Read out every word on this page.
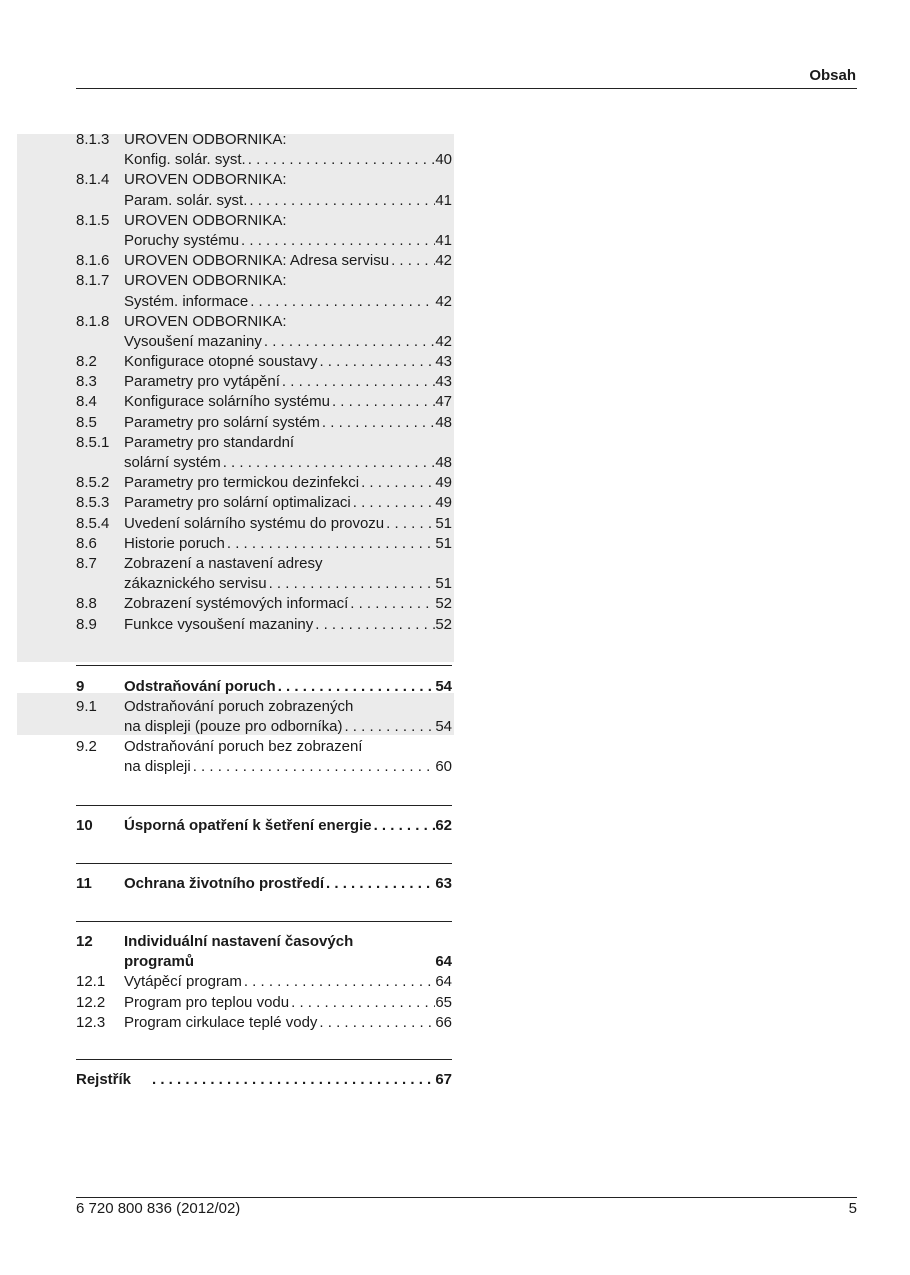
Obsah
8.1.3 UROVEN ODBORNIKA:
Konfig. solár. syst. . . .	40
8.1.4 UROVEN ODBORNIKA:
Param. solár. syst. . . .	41
8.1.5 UROVEN ODBORNIKA:
Poruchy systému . . .	41
8.1.6 UROVEN ODBORNIKA: Adresa servisu . . .	42
8.1.7 UROVEN ODBORNIKA:
Systém. informace . . .	42
8.1.8 UROVEN ODBORNIKA:
Vysoušení mazaniny . . .	42
8.2 Konfigurace otopné soustavy . . .	43
8.3 Parametry pro vytápění . . .	43
8.4 Konfigurace solárního systému . . .	47
8.5 Parametry pro solární systém . . .	48
8.5.1 Parametry pro standardní
solární systém . . .	48
8.5.2 Parametry pro termickou dezinfekci . . .	49
8.5.3 Parametry pro solární optimalizaci . . .	49
8.5.4 Uvedení solárního systému do provozu . . .	51
8.6 Historie poruch . . .	51
8.7 Zobrazení a nastavení adresy
zákaznického servisu . . .	51
8.8 Zobrazení systémových informací . . .	52
8.9 Funkce vysoušení mazaniny . . .	52
9	Odstraňování poruch . . .	54
9.1 Odstraňování poruch zobrazených
na displeji (pouze pro odborníka) . . .	54
9.2 Odstraňování poruch bez zobrazení
na displeji . . .	60
10 Úsporná opatření k šetření energie . . .	62
11 Ochrana životního prostředí . . .	63
12 Individuální nastavení časových
programů	64
12.1 Vytápěcí program . . .	64
12.2 Program pro teplou vodu . . .	65
12.3 Program cirkulace teplé vody . . .	66
Rejstřík . . .	67
6 720 800 836 (2012/02)	5
